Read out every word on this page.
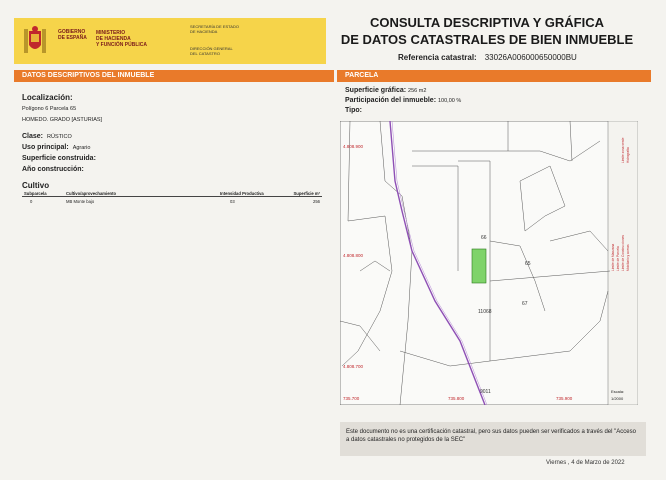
GOBIERNO
DE ESPAÑA
MINISTERIO
DE HACIENDA
Y FUNCIÓN PÚBLICA
SECRETARÍA DE ESTADO
DE HACIENDA
DIRECCIÓN GENERAL
DEL CATASTRO
CONSULTA DESCRIPTIVA Y GRÁFICA
DE DATOS CATASTRALES DE BIEN INMUEBLE
Referencia catastral: 33026A006000650000BU
DATOS DESCRIPTIVOS DEL INMUEBLE	PARCELA
Localización:
Polígono 6 Parcela 65
HOMEDO. GRADO [ASTURIAS]
Clase: RÚSTICO
Uso principal: Agrario
Superficie construida:
Año construcción:
Cultivo
Subparcela	Cultivo/aprovechamiento	Intensidad Productiva	Superficie m²
0	MB Monte bajo	03	256
Superficie gráfica: 256 m2
Participación del inmueble: 100,00 %
Tipo:
4.808.900
4.808.800
4.808.700
735.700	735.800	735.900
65
66
67
11068
9011
Límite de Manzana Límite de Parcela Límite de Construcciones Mobiliario y aceras
Límite zona verde Hidrografía
Escala:
1/2000
Este documento no es una certificación catastral, pero sus datos pueden ser verificados a través del "Acceso a datos catastrales no protegidos de la SEC"
Viernes , 4 de Marzo de 2022
